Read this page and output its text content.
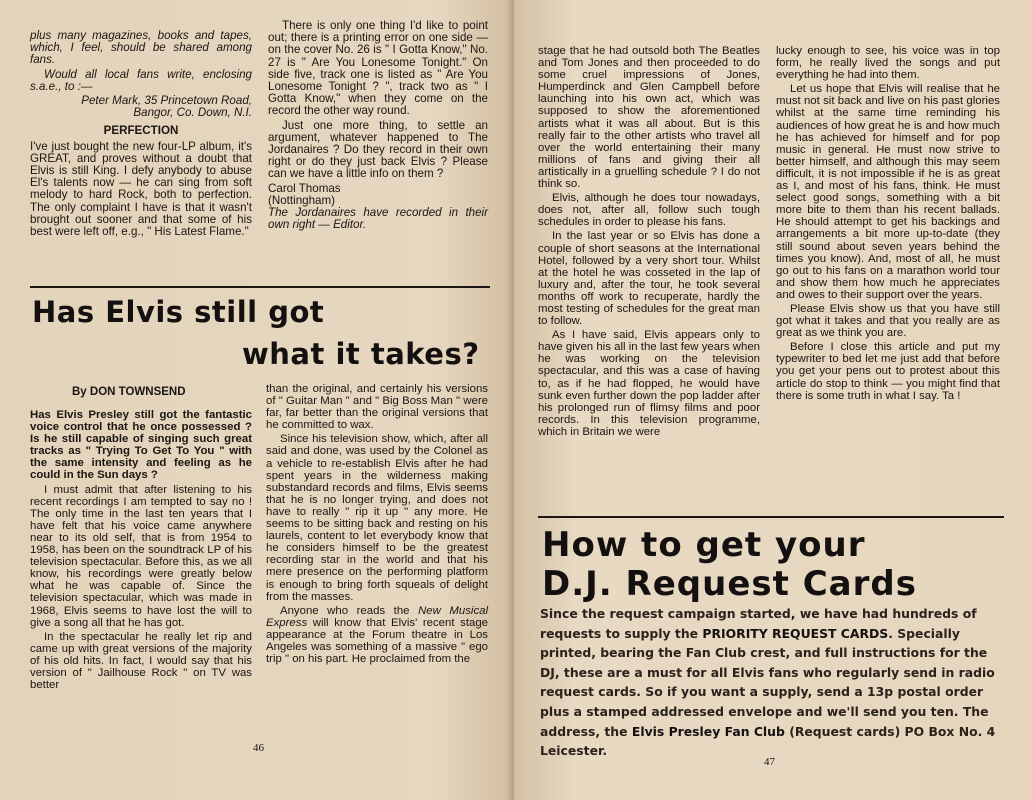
plus many magazines, books and tapes, which, I feel, should be shared among fans.

Would all local fans write, enclosing s.a.e., to :—

Peter Mark, 35 Princetown Road,
Bangor, Co. Down, N.I.
PERFECTION

I've just bought the new four-LP album, it's GREAT, and proves without a doubt that Elvis is still King. I defy anybody to abuse El's talents now — he can sing from soft melody to hard Rock, both to perfection. The only complaint I have is that it wasn't brought out sooner and that some of his best were left off, e.g., " His Latest Flame."

There is only one thing I'd like to point out; there is a printing error on one side — on the cover No. 26 is " I Gotta Know," No. 27 is " Are You Lonesome Tonight." On side five, track one is listed as " Are You Lonesome Tonight ? ", track two as " I Gotta Know," when they come on the record the other way round.

Just one more thing, to settle an argument, whatever happened to The Jordanaires ? Do they record in their own right or do they just back Elvis ? Please can we have a little info on them ?

Carol Thomas
(Nottingham)
The Jordanaires have recorded in their own right — Editor.
Has Elvis still got
what it takes?
By DON TOWNSEND

Has Elvis Presley still got the fantastic voice control that he once possessed ? Is he still capable of singing such great tracks as " Trying To Get To You " with the same intensity and feeling as he could in the Sun days ?

I must admit that after listening to his recent recordings I am tempted to say no ! The only time in the last ten years that I have felt that his voice came anywhere near to its old self, that is from 1954 to 1958, has been on the soundtrack LP of his television spectacular. Before this, as we all know, his recordings were greatly below what he was capable of. Since the television spectacular, which was made in 1968, Elvis seems to have lost the will to give a song all that he has got.

In the spectacular he really let rip and came up with great versions of the majority of his old hits. In fact, I would say that his version of " Jailhouse Rock " on TV was better

than the original, and certainly his versions of " Guitar Man " and " Big Boss Man " were far, far better than the original versions that he committed to wax.

Since his television show, which, after all said and done, was used by the Colonel as a vehicle to re-establish Elvis after he had spent years in the wilderness making substandard records and films, Elvis seems that he is no longer trying, and does not have to really " rip it up " any more. He seems to be sitting back and resting on his laurels, content to let everybody know that he considers himself to be the greatest recording star in the world and that his mere presence on the performing platform is enough to bring forth squeals of delight from the masses.

Anyone who reads the New Musical Express will know that Elvis' recent stage appearance at the Forum theatre in Los Angeles was something of a massive " ego trip " on his part. He proclaimed from the

46

stage that he had outsold both The Beatles and Tom Jones and then proceeded to do some cruel impressions of Jones, Humperdinck and Glen Campbell before launching into his own act, which was supposed to show the aforementioned artists what it was all about. But is this really fair to the other artists who travel all over the world entertaining their many millions of fans and giving their all artistically in a gruelling schedule ? I do not think so.

Elvis, although he does tour nowadays, does not, after all, follow such tough schedules in order to please his fans.

In the last year or so Elvis has done a couple of short seasons at the International Hotel, followed by a very short tour. Whilst at the hotel he was cosseted in the lap of luxury and, after the tour, he took several months off work to recuperate, hardly the most testing of schedules for the great man to follow.

As I have said, Elvis appears only to have given his all in the last few years when he was working on the television spectacular, and this was a case of having to, as if he had flopped, he would have sunk even further down the pop ladder after his prolonged run of flimsy films and poor records. In this television programme, which in Britain we were

lucky enough to see, his voice was in top form, he really lived the songs and put everything he had into them.

Let us hope that Elvis will realise that he must not sit back and live on his past glories whilst at the same time reminding his audiences of how great he is and how much he has achieved for himself and for pop music in general. He must now strive to better himself, and although this may seem difficult, it is not impossible if he is as great as I, and most of his fans, think. He must select good songs, something with a bit more bite to them than his recent ballads. He should attempt to get his backings and arrangements a bit more up-to-date (they still sound about seven years behind the times you know). And, most of all, he must go out to his fans on a marathon world tour and show them how much he appreciates and owes to their support over the years.

Please Elvis show us that you have still got what it takes and that you really are as great as we think you are.

Before I close this article and put my typewriter to bed let me just add that before you get your pens out to protest about this article do stop to think — you might find that there is some truth in what I say. Ta !

How to get your
D.J. Request Cards
Since the request campaign started, we have had hundreds of requests to supply the PRIORITY REQUEST CARDS. Specially printed, bearing the Fan Club crest, and full instructions for the DJ, these are a must for all Elvis fans who regularly send in radio request cards. So if you want a supply, send a 13p postal order plus a stamped addressed envelope and we'll send you ten. The address, the Elvis Presley Fan Club (Request cards) PO Box No. 4 Leicester.
47
